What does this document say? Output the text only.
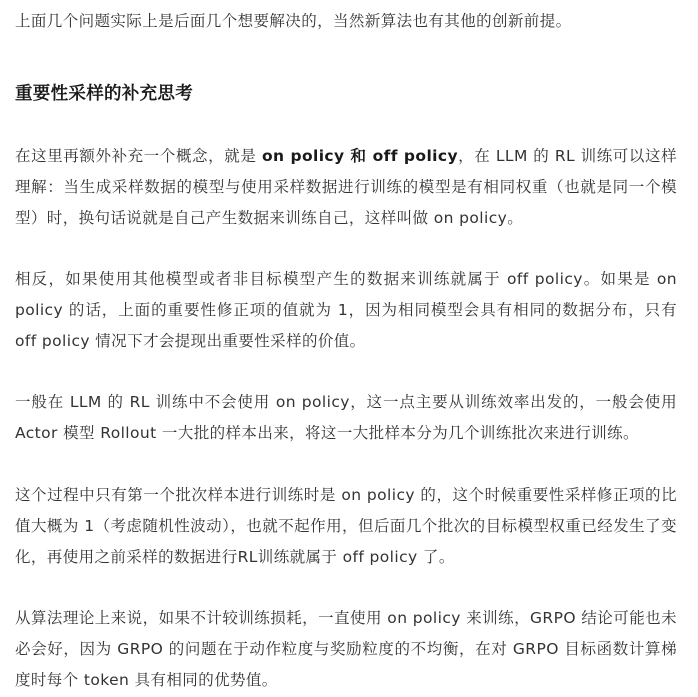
上面几个问题实际上是后面几个想要解决的，当然新算法也有其他的创新前提。

重要性采样的补充思考

在这里再额外补充一个概念，就是 on policy 和 off policy，在 LLM 的 RL 训练可以这样理解：当生成采样数据的模型与使用采样数据进行训练的模型是有相同权重（也就是同一个模型）时，换句话说就是自己产生数据来训练自己，这样叫做 on policy。

相反，如果使用其他模型或者非目标模型产生的数据来训练就属于 off policy。如果是 on policy 的话，上面的重要性修正项的值就为 1，因为相同模型会具有相同的数据分布，只有 off policy 情况下才会提现出重要性采样的价值。

一般在 LLM 的 RL 训练中不会使用 on policy，这一点主要从训练效率出发的，一般会使用 Actor 模型 Rollout 一大批的样本出来，将这一大批样本分为几个训练批次来进行训练。

这个过程中只有第一个批次样本进行训练时是 on policy 的，这个时候重要性采样修正项的比值大概为 1（考虑随机性波动），也就不起作用，但后面几个批次的目标模型权重已经发生了变化，再使用之前采样的数据进行RL训练就属于 off policy 了。

从算法理论上来说，如果不计较训练损耗，一直使用 on policy 来训练，GRPO 结论可能也未必会好，因为 GRPO 的问题在于动作粒度与奖励粒度的不均衡，在对 GRPO 目标函数计算梯度时每个 token 具有相同的优势值。
